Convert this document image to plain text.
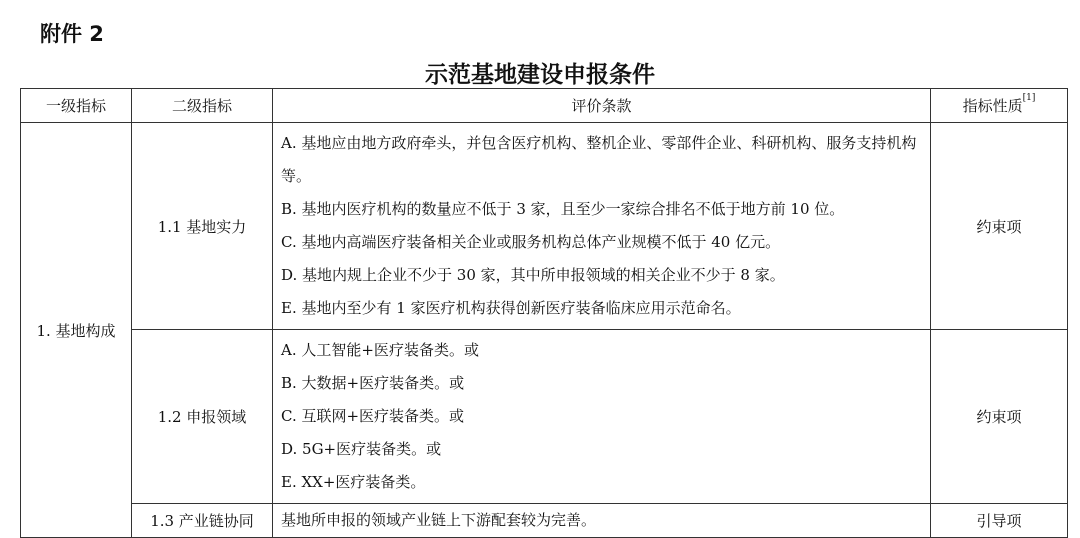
附件 2
示范基地建设申报条件
一级指标	二级指标	评价条款	指标性质[1]
1. 基地构成	1.1 基地实力	A. 基地应由地方政府牵头，并包含医疗机构、整机企业、零部件企业、科研机构、服务支持机构等。
B. 基地内医疗机构的数量应不低于 3 家，且至少一家综合排名不低于地方前 10 位。
C. 基地内高端医疗装备相关企业或服务机构总体产业规模不低于 40 亿元。
D. 基地内规上企业不少于 30 家，其中所申报领域的相关企业不少于 8 家。
E. 基地内至少有 1 家医疗机构获得创新医疗装备临床应用示范命名。	约束项
	1.2 申报领域	A. 人工智能+医疗装备类。或
B. 大数据+医疗装备类。或
C. 互联网+医疗装备类。或
D. 5G+医疗装备类。或
E. XX+医疗装备类。	约束项
	1.3 产业链协同	基地所申报的领域产业链上下游配套较为完善。	引导项
